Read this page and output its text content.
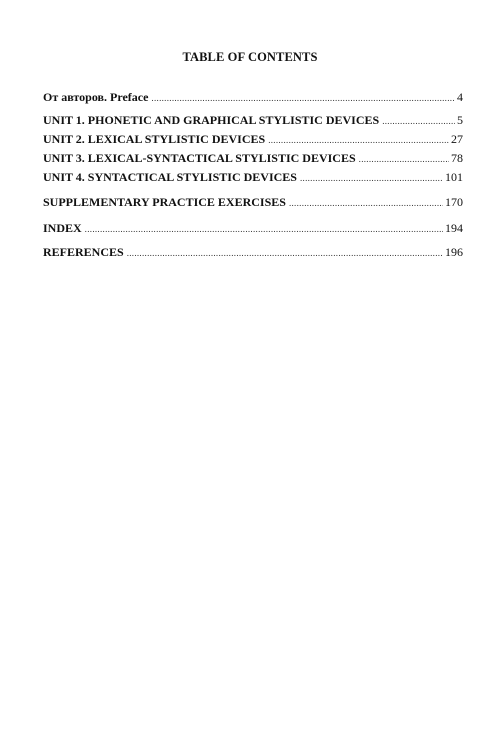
TABLE OF CONTENTS
От авторов. Preface .....	4
UNIT 1. PHONETIC AND GRAPHICAL STYLISTIC DEVICES .....	5
UNIT 2. LEXICAL STYLISTIC DEVICES .....	27
UNIT 3. LEXICAL-SYNTACTICAL STYLISTIC DEVICES .....	78
UNIT 4. SYNTACTICAL STYLISTIC DEVICES .....	101
SUPPLEMENTARY PRACTICE EXERCISES .....	170
INDEX .....	194
REFERENCES .....	196
